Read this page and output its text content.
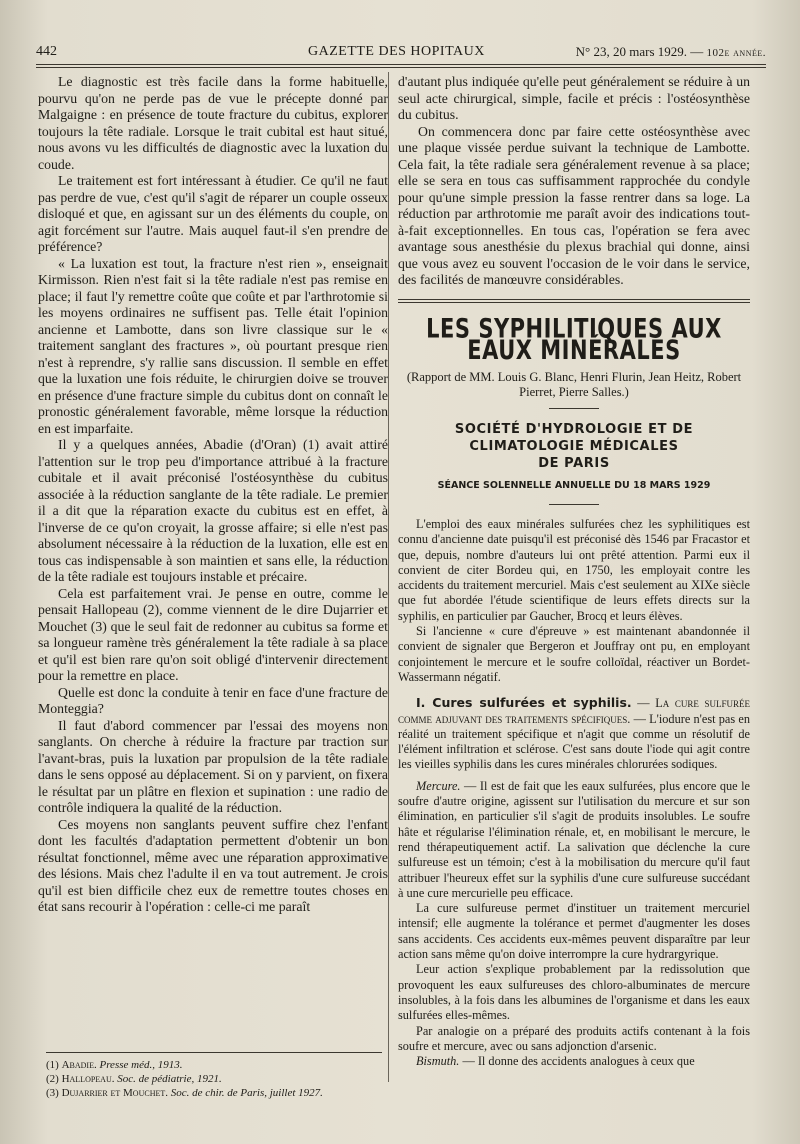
442	GAZETTE DES HOPITAUX	N° 23, 20 mars 1929. — 102e année.

Le diagnostic est très facile dans la forme habituelle, pourvu qu'on ne perde pas de vue le précepte donné par Malgaigne : en présence de toute fracture du cubitus, explorer toujours la tête radiale. Lorsque le trait cubital est haut situé, nous avons vu les difficultés de diagnostic avec la luxation du coude.

Le traitement est fort intéressant à étudier. Ce qu'il ne faut pas perdre de vue, c'est qu'il s'agit de réparer un couple osseux disloqué et que, en agissant sur un des éléments du couple, on agit forcément sur l'autre. Mais auquel faut-il s'en prendre de préférence?

« La luxation est tout, la fracture n'est rien », enseignait Kirmisson. Rien n'est fait si la tête radiale n'est pas remise en place; il faut l'y remettre coûte que coûte et par l'arthrotomie si les moyens ordinaires ne suffisent pas. Telle était l'opinion ancienne et Lambotte, dans son livre classique sur le « traitement sanglant des fractures », où pourtant presque rien n'est à reprendre, s'y rallie sans discussion. Il semble en effet que la luxation une fois réduite, le chirurgien doive se trouver en présence d'une fracture simple du cubitus dont on connaît le pronostic généralement favorable, même lorsque la réduction en est imparfaite.

Il y a quelques années, Abadie (d'Oran) (1) avait attiré l'attention sur le trop peu d'importance attribué à la fracture cubitale et il avait préconisé l'ostéosynthèse du cubitus associée à la réduction sanglante de la tête radiale. Le premier il a dit que la réparation exacte du cubitus est en effet, à l'inverse de ce qu'on croyait, la grosse affaire; si elle n'est pas absolument nécessaire à la réduction de la luxation, elle est en tous cas indispensable à son maintien et sans elle, la réduction de la tête radiale est toujours instable et précaire.

Cela est parfaitement vrai. Je pense en outre, comme le pensait Hallopeau (2), comme viennent de le dire Dujarrier et Mouchet (3) que le seul fait de redonner au cubitus sa forme et sa longueur ramène très généralement la tête radiale à sa place et qu'il est bien rare qu'on soit obligé d'intervenir directement pour la remettre en place.

Quelle est donc la conduite à tenir en face d'une fracture de Monteggia?

Il faut d'abord commencer par l'essai des moyens non sanglants. On cherche à réduire la fracture par traction sur l'avant-bras, puis la luxation par propulsion de la tête radiale dans le sens opposé au déplacement. Si on y parvient, on fixera le résultat par un plâtre en flexion et supination : une radio de contrôle indiquera la qualité de la réduction.

Ces moyens non sanglants peuvent suffire chez l'enfant dont les facultés d'adaptation permettent d'obtenir un bon résultat fonctionnel, même avec une réparation approximative des lésions. Mais chez l'adulte il en va tout autrement. Je crois qu'il est bien difficile chez eux de remettre toutes choses en état sans recourir à l'opération : celle-ci me paraît

(1) Abadie. Presse méd., 1913.
(2) Hallopeau. Soc. de pédiatrie, 1921.
(3) Dujarrier et Mouchet. Soc. de chir. de Paris, juillet 1927.

d'autant plus indiquée qu'elle peut généralement se réduire à un seul acte chirurgical, simple, facile et précis : l'ostéosynthèse du cubitus.

On commencera donc par faire cette ostéosynthèse avec une plaque vissée perdue suivant la technique de Lambotte. Cela fait, la tête radiale sera généralement revenue à sa place; elle se sera en tous cas suffisamment rapprochée du condyle pour qu'une simple pression la fasse rentrer dans sa loge. La réduction par arthrotomie me paraît avoir des indications tout-à-fait exceptionnelles. En tous cas, l'opération se fera avec avantage sous anesthésie du plexus brachial qui donne, ainsi que vous avez eu souvent l'occasion de le voir dans le service, des facilités de manœuvre considérables.

LES SYPHILITIQUES AUX EAUX MINÉRALES
(Rapport de MM. Louis G. Blanc, Henri Flurin, Jean Heitz, Robert Pierret, Pierre Salles.)
SOCIÉTÉ D'HYDROLOGIE ET DE CLIMATOLOGIE MÉDICALES
DE PARIS
SÉANCE SOLENNELLE ANNUELLE DU 18 MARS 1929

L'emploi des eaux minérales sulfurées chez les syphilitiques est connu d'ancienne date puisqu'il est préconisé dès 1546 par Fracastor et que, depuis, nombre d'auteurs lui ont prêté attention. Parmi eux il convient de citer Bordeu qui, en 1750, les employait contre les accidents du traitement mercuriel. Mais c'est seulement au XIXe siècle que fut abordée l'étude scientifique de leurs effets directs sur la syphilis, en particulier par Gaucher, Brocq et leurs élèves.

Si l'ancienne « cure d'épreuve » est maintenant abandonnée il convient de signaler que Bergeron et Jouffray ont pu, en employant conjointement le mercure et le soufre colloïdal, réactiver un Bordet-Wassermann négatif.

I. Cures sulfurées et syphilis. — La cure sulfurée comme adjuvant des traitements spécifiques. — L'iodure n'est pas en réalité un traitement spécifique et n'agit que comme un résolutif de l'élément infiltration et sclérose. C'est sans doute l'iode qui agit contre les vieilles syphilis dans les cures minérales chlorurées sodiques.

Mercure. — Il est de fait que les eaux sulfurées, plus encore que le soufre d'autre origine, agissent sur l'utilisation du mercure et sur son élimination, en particulier s'il s'agit de produits insolubles. Le soufre hâte et régularise l'élimination rénale, et, en mobilisant le mercure, le rend thérapeutiquement actif. La salivation que déclenche la cure sulfureuse est un témoin; c'est à la mobilisation du mercure qu'il faut attribuer l'heureux effet sur la syphilis d'une cure sulfureuse succédant à une cure mercurielle peu efficace.

La cure sulfureuse permet d'instituer un traitement mercuriel intensif; elle augmente la tolérance et permet d'augmenter les doses sans accidents. Ces accidents eux-mêmes peuvent disparaître par leur action sans même qu'on doive interrompre la cure hydrargyrique.

Leur action s'explique probablement par la redissolution que provoquent les eaux sulfureuses des chloro-albuminates de mercure insolubles, à la fois dans les albumines de l'organisme et dans les eaux sulfurées elles-mêmes.

Par analogie on a préparé des produits actifs contenant à la fois soufre et mercure, avec ou sans adjonction d'arsenic.

Bismuth. — Il donne des accidents analogues à ceux que
